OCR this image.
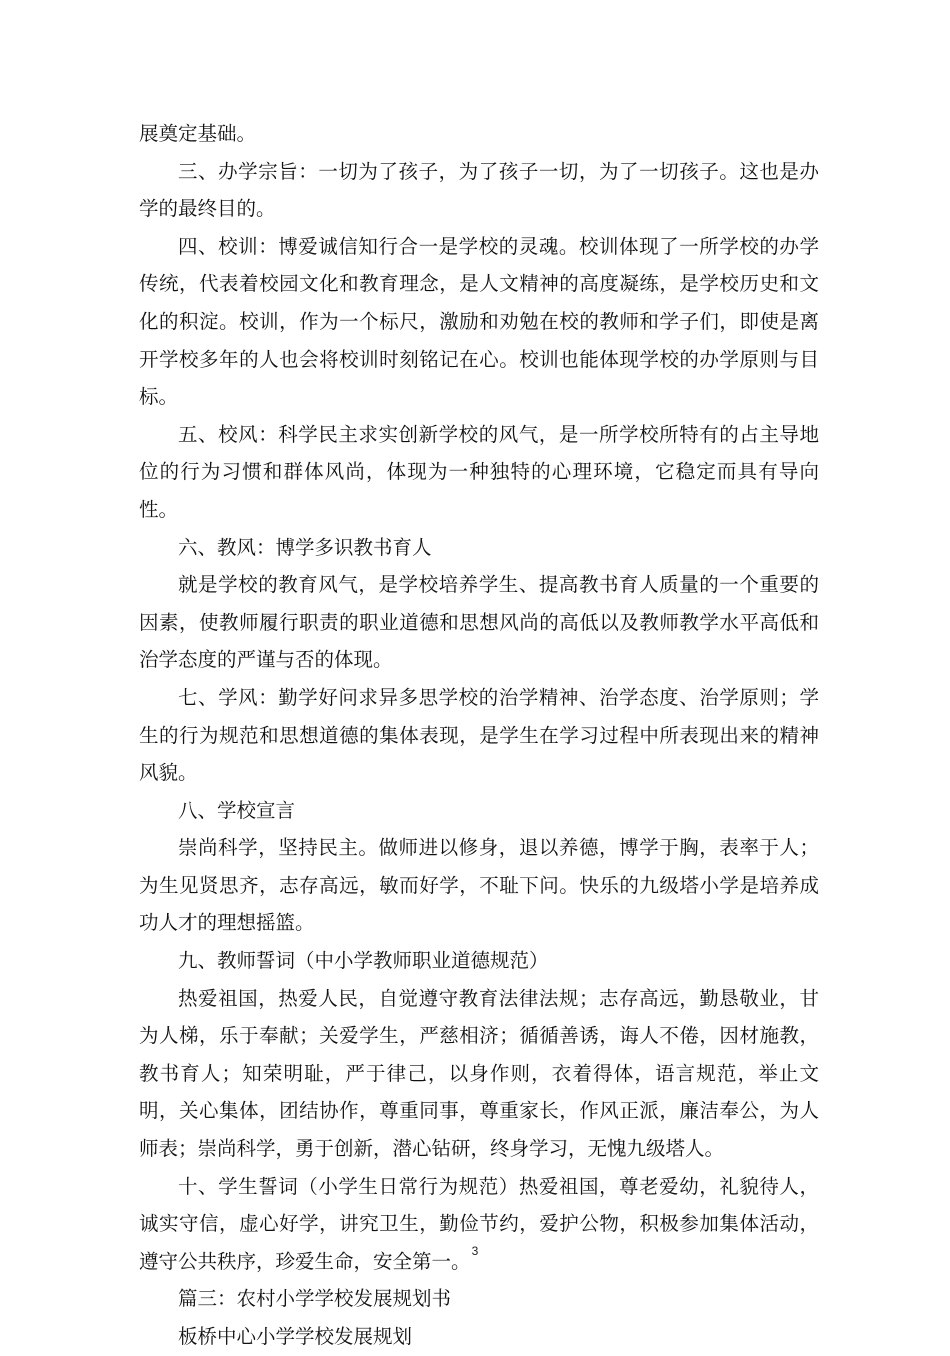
展奠定基础。

三、办学宗旨：一切为了孩子，为了孩子一切，为了一切孩子。这也是办学的最终目的。

四、校训：博爱诚信知行合一是学校的灵魂。校训体现了一所学校的办学传统，代表着校园文化和教育理念，是人文精神的高度凝练，是学校历史和文化的积淀。校训，作为一个标尺，激励和劝勉在校的教师和学子们，即使是离开学校多年的人也会将校训时刻铭记在心。校训也能体现学校的办学原则与目标。

五、校风：科学民主求实创新学校的风气，是一所学校所特有的占主导地位的行为习惯和群体风尚，体现为一种独特的心理环境，它稳定而具有导向性。

六、教风：博学多识教书育人

就是学校的教育风气，是学校培养学生、提高教书育人质量的一个重要的因素，使教师履行职责的职业道德和思想风尚的高低以及教师教学水平高低和治学态度的严谨与否的体现。

七、学风：勤学好问求异多思学校的治学精神、治学态度、治学原则；学生的行为规范和思想道德的集体表现，是学生在学习过程中所表现出来的精神风貌。

八、学校宣言

崇尚科学，坚持民主。做师进以修身，退以养德，博学于胸，表率于人；为生见贤思齐，志存高远，敏而好学，不耻下问。快乐的九级塔小学是培养成功人才的理想摇篮。

九、教师誓词（中小学教师职业道德规范）

热爱祖国，热爱人民，自觉遵守教育法律法规；志存高远，勤恳敬业，甘为人梯，乐于奉献；关爱学生，严慈相济；循循善诱，诲人不倦，因材施教，教书育人；知荣明耻，严于律己，以身作则，衣着得体，语言规范，举止文明，关心集体，团结协作，尊重同事，尊重家长，作风正派，廉洁奉公，为人师表；崇尚科学，勇于创新，潜心钻研，终身学习，无愧九级塔人。

十、学生誓词（小学生日常行为规范）热爱祖国，尊老爱幼，礼貌待人，诚实守信，虚心好学，讲究卫生，勤俭节约，爱护公物，积极参加集体活动，遵守公共秩序，珍爱生命，安全第一。

篇三：农村小学学校发展规划书

板桥中心小学学校发展规划

3
